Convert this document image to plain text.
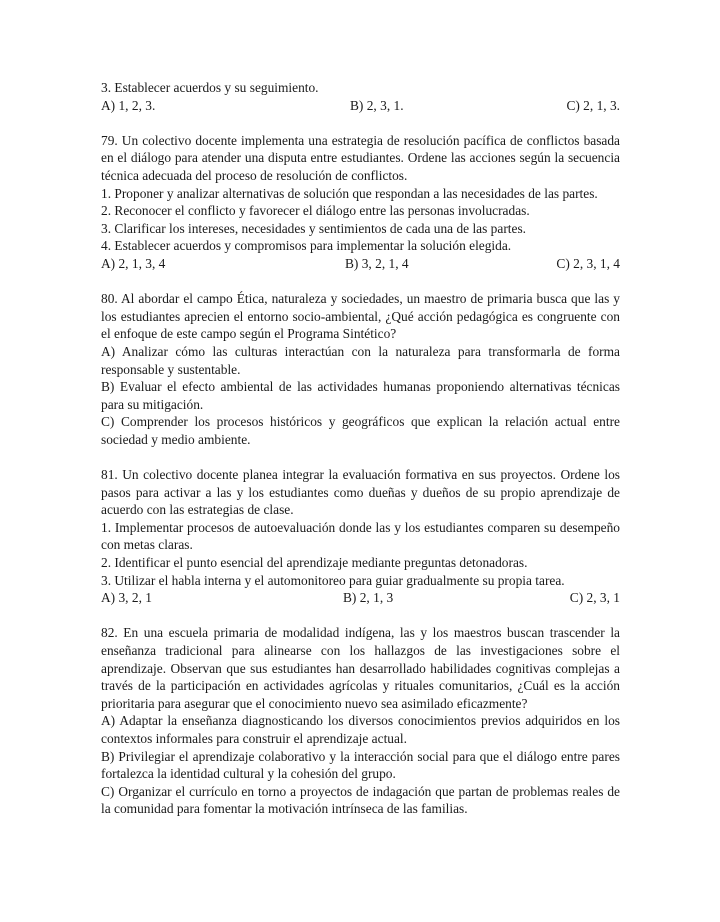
3. Establecer acuerdos y su seguimiento.

A) 1, 2, 3.	B) 2, 3, 1.	C) 2, 1, 3.

79. Un colectivo docente implementa una estrategia de resolución pacífica de conflictos basada en el diálogo para atender una disputa entre estudiantes. Ordene las acciones según la secuencia técnica adecuada del proceso de resolución de conflictos.

1. Proponer y analizar alternativas de solución que respondan a las necesidades de las partes.

2. Reconocer el conflicto y favorecer el diálogo entre las personas involucradas.

3. Clarificar los intereses, necesidades y sentimientos de cada una de las partes.

4. Establecer acuerdos y compromisos para implementar la solución elegida.

A) 2, 1, 3, 4	B) 3, 2, 1, 4	C) 2, 3, 1, 4

80. Al abordar el campo Ética, naturaleza y sociedades, un maestro de primaria busca que las y los estudiantes aprecien el entorno socio-ambiental, ¿Qué acción pedagógica es congruente con el enfoque de este campo según el Programa Sintético?

A) Analizar cómo las culturas interactúan con la naturaleza para transformarla de forma responsable y sustentable.

B) Evaluar el efecto ambiental de las actividades humanas proponiendo alternativas técnicas para su mitigación.

C) Comprender los procesos históricos y geográficos que explican la relación actual entre sociedad y medio ambiente.

81. Un colectivo docente planea integrar la evaluación formativa en sus proyectos. Ordene los pasos para activar a las y los estudiantes como dueñas y dueños de su propio aprendizaje de acuerdo con las estrategias de clase.

1. Implementar procesos de autoevaluación donde las y los estudiantes comparen su desempeño con metas claras.

2. Identificar el punto esencial del aprendizaje mediante preguntas detonadoras.

3. Utilizar el habla interna y el automonitoreo para guiar gradualmente su propia tarea.

A) 3, 2, 1	B) 2, 1, 3	C) 2, 3, 1

82. En una escuela primaria de modalidad indígena, las y los maestros buscan trascender la enseñanza tradicional para alinearse con los hallazgos de las investigaciones sobre el aprendizaje. Observan que sus estudiantes han desarrollado habilidades cognitivas complejas a través de la participación en actividades agrícolas y rituales comunitarios, ¿Cuál es la acción prioritaria para asegurar que el conocimiento nuevo sea asimilado eficazmente?

A) Adaptar la enseñanza diagnosticando los diversos conocimientos previos adquiridos en los contextos informales para construir el aprendizaje actual.

B) Privilegiar el aprendizaje colaborativo y la interacción social para que el diálogo entre pares fortalezca la identidad cultural y la cohesión del grupo.

C) Organizar el currículo en torno a proyectos de indagación que partan de problemas reales de la comunidad para fomentar la motivación intrínseca de las familias.
